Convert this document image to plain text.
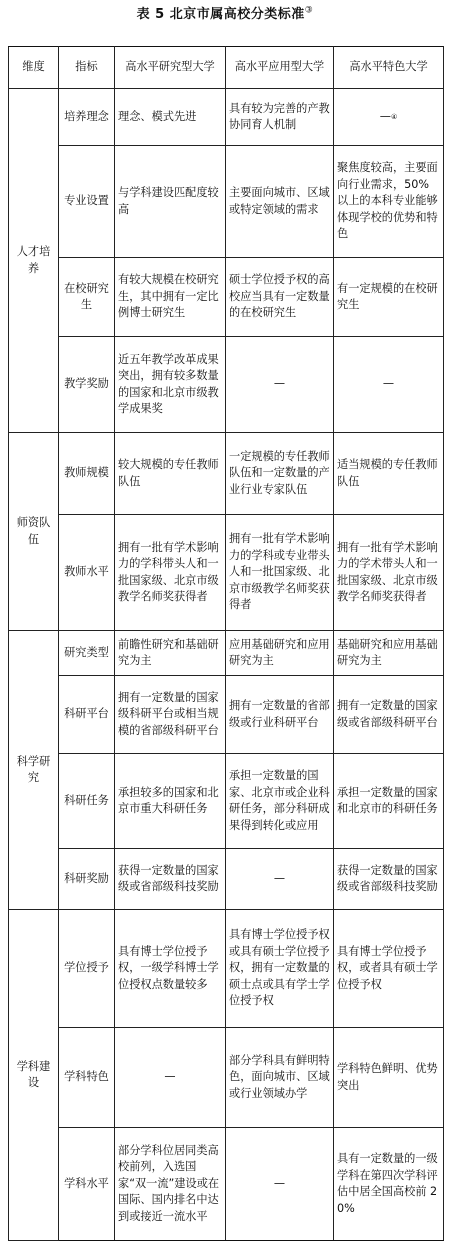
表 5 北京市属高校分类标准③
维度	指标	高水平研究型大学	高水平应用型大学	高水平特色大学
人才培养	培养理念	理念、模式先进	具有较为完善的产教协同育人机制	—④
	专业设置	与学科建设匹配度较高	主要面向城市、区域或特定领域的需求	聚焦度较高，主要面向行业需求，50% 以上的本科专业能够体现学校的优势和特色
	在校研究生	有较大规模在校研究生，其中拥有一定比例博士研究生	硕士学位授予权的高校应当具有一定数量的在校研究生	有一定规模的在校研究生
	教学奖励	近五年教学改革成果突出，拥有较多数量的国家和北京市级教学成果奖	—	—
师资队伍	教师规模	较大规模的专任教师队伍	一定规模的专任教师队伍和一定数量的产业行业专家队伍	适当规模的专任教师队伍
	教师水平	拥有一批有学术影响力的学科带头人和一批国家级、北京市级教学名师奖获得者	拥有一批有学术影响力的学科或专业带头人和一批国家级、北京市级教学名师奖获得者	拥有一批有学术影响力的学术带头人和一批国家级、北京市级教学名师奖获得者
科学研究	研究类型	前瞻性研究和基础研究为主	应用基础研究和应用研究为主	基础研究和应用基础研究为主
	科研平台	拥有一定数量的国家级科研平台或相当规模的省部级科研平台	拥有一定数量的省部级或行业科研平台	拥有一定数量的国家级或省部级科研平台
	科研任务	承担较多的国家和北京市重大科研任务	承担一定数量的国家、北京市或企业科研任务，部分科研成果得到转化或应用	承担一定数量的国家和北京市的科研任务
	科研奖励	获得一定数量的国家级或省部级科技奖励	—	获得一定数量的国家级或省部级科技奖励
学科建设	学位授予	具有博士学位授予权，一级学科博士学位授权点数量较多	具有博士学位授予权或具有硕士学位授予权，拥有一定数量的硕士点或具有学士学位授予权	具有博士学位授予权，或者具有硕士学位授予权
	学科特色	—	部分学科具有鲜明特色，面向城市、区域或行业领域办学	学科特色鲜明、优势突出
	学科水平	部分学科位居同类高校前列，入选国家“双一流”建设或在国际、国内排名中达到或接近一流水平	—	具有一定数量的一级学科在第四次学科评估中居全国高校前 20%
